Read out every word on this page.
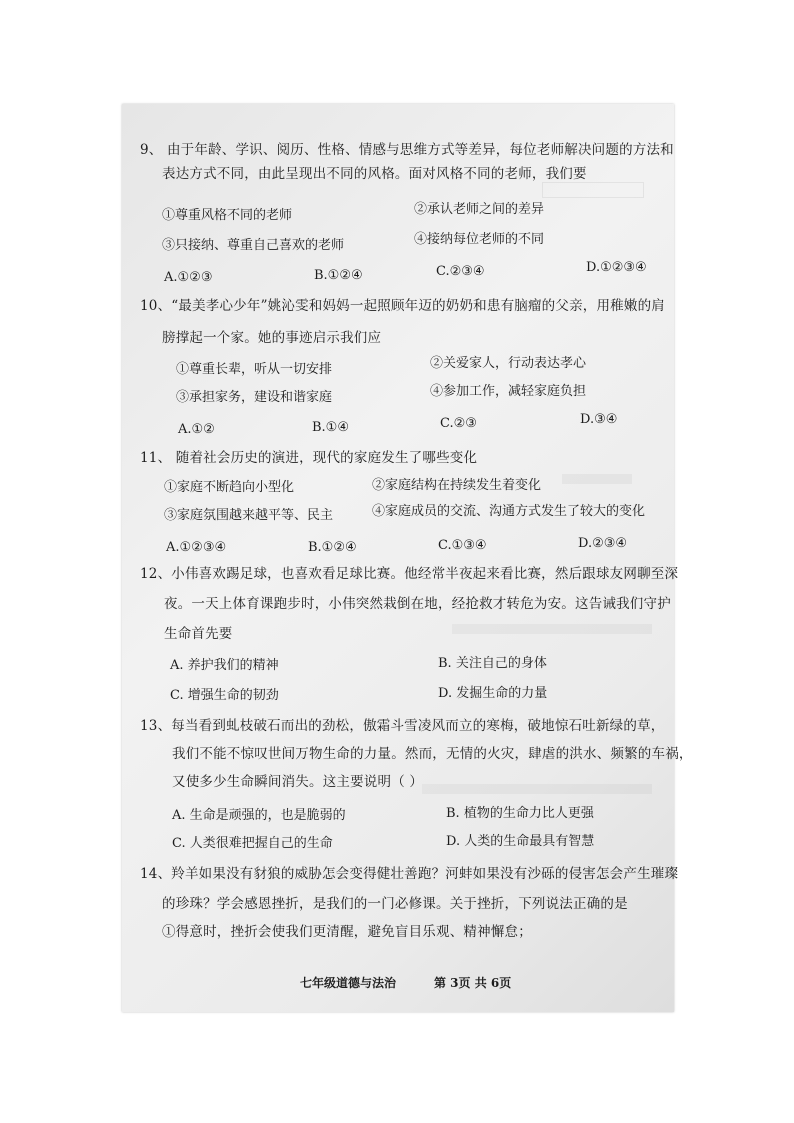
9、 由于年龄、学识、阅历、性格、情感与思维方式等差异，每位老师解决问题的方法和
表达方式不同，由此呈现出不同的风格。面对风格不同的老师，我们要
①尊重风格不同的老师	②承认老师之间的差异
③只接纳、尊重自己喜欢的老师	④接纳每位老师的不同
A.①②③	B.①②④	C.②③④	D.①②③④
10、“最美孝心少年”姚沁雯和妈妈一起照顾年迈的奶奶和患有脑瘤的父亲，用稚嫩的肩
膀撑起一个家。她的事迹启示我们应
①尊重长辈，听从一切安排	②关爱家人，行动表达孝心
③承担家务，建设和谐家庭	④参加工作，减轻家庭负担
A.①②	B.①④	C.②③	D.③④
11、 随着社会历史的演进，现代的家庭发生了哪些变化
①家庭不断趋向小型化	②家庭结构在持续发生着变化
③家庭氛围越来越平等、民主	④家庭成员的交流、沟通方式发生了较大的变化
A.①②③④	B.①②④	C.①③④	D.②③④
12、小伟喜欢踢足球，也喜欢看足球比赛。他经常半夜起来看比赛，然后跟球友网聊至深
夜。一天上体育课跑步时，小伟突然栽倒在地，经抢救才转危为安。这告诫我们守护
生命首先要
A. 养护我们的精神	B. 关注自己的身体
C. 增强生命的韧劲	D. 发掘生命的力量
13、每当看到虬枝破石而出的劲松，傲霜斗雪凌风而立的寒梅，破地惊石吐新绿的草，
我们不能不惊叹世间万物生命的力量。然而，无情的火灾，肆虐的洪水、频繁的车祸，
又使多少生命瞬间消失。这主要说明（ ）
A. 生命是顽强的，也是脆弱的	B. 植物的生命力比人更强
C. 人类很难把握自己的生命	D. 人类的生命最具有智慧
14、羚羊如果没有豺狼的威胁怎会变得健壮善跑？河蚌如果没有沙砾的侵害怎会产生璀璨
的珍珠？学会感恩挫折，是我们的一门必修课。关于挫折，下列说法正确的是
①得意时，挫折会使我们更清醒，避免盲目乐观、精神懈怠；
七年级道德与法治	第 3页 共 6页
